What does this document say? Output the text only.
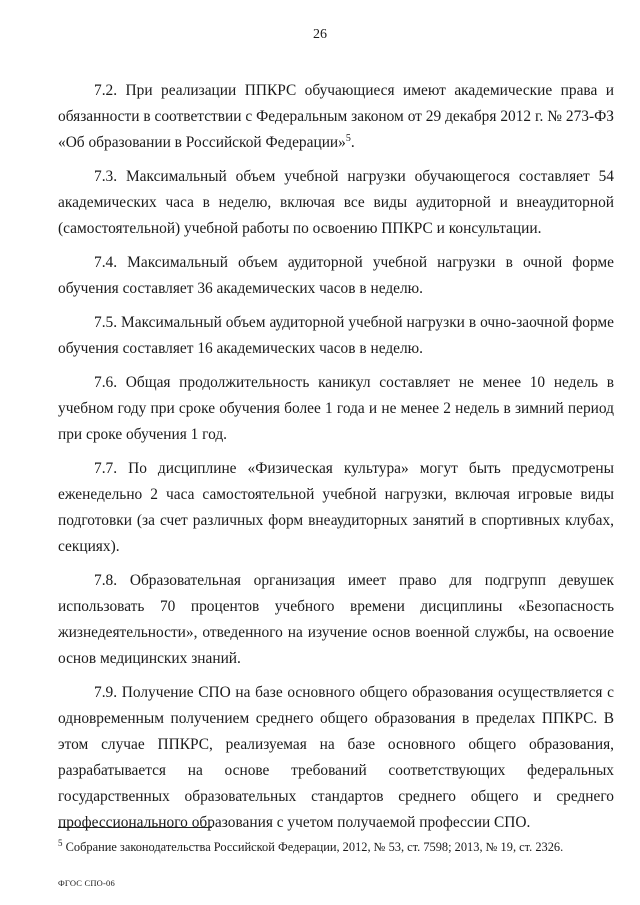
26

7.2. При реализации ППКРС обучающиеся имеют академические права и обязанности в соответствии с Федеральным законом от 29 декабря 2012 г. № 273-ФЗ «Об образовании в Российской Федерации»$^5$.

7.3. Максимальный объем учебной нагрузки обучающегося составляет 54 академических часа в неделю, включая все виды аудиторной и внеаудиторной (самостоятельной) учебной работы по освоению ППКРС и консультации.

7.4. Максимальный объем аудиторной учебной нагрузки в очной форме обучения составляет 36 академических часов в неделю.

7.5. Максимальный объем аудиторной учебной нагрузки в очно-заочной форме обучения составляет 16 академических часов в неделю.

7.6. Общая продолжительность каникул составляет не менее 10 недель в учебном году при сроке обучения более 1 года и не менее 2 недель в зимний период при сроке обучения 1 год.

7.7. По дисциплине «Физическая культура» могут быть предусмотрены еженедельно 2 часа самостоятельной учебной нагрузки, включая игровые виды подготовки (за счет различных форм внеаудиторных занятий в спортивных клубах, секциях).

7.8. Образовательная организация имеет право для подгрупп девушек использовать 70 процентов учебного времени дисциплины «Безопасность жизнедеятельности», отведенного на изучение основ военной службы, на освоение основ медицинских знаний.

7.9. Получение СПО на базе основного общего образования осуществляется с одновременным получением среднего общего образования в пределах ППКРС. В этом случае ППКРС, реализуемая на базе основного общего образования, разрабатывается на основе требований соответствующих федеральных государственных образовательных стандартов среднего общего и среднего профессионального образования с учетом получаемой профессии СПО.

$^5$ Собрание законодательства Российской Федерации, 2012, № 53, ст. 7598; 2013, № 19, ст. 2326.
ФГОС СПО-06
